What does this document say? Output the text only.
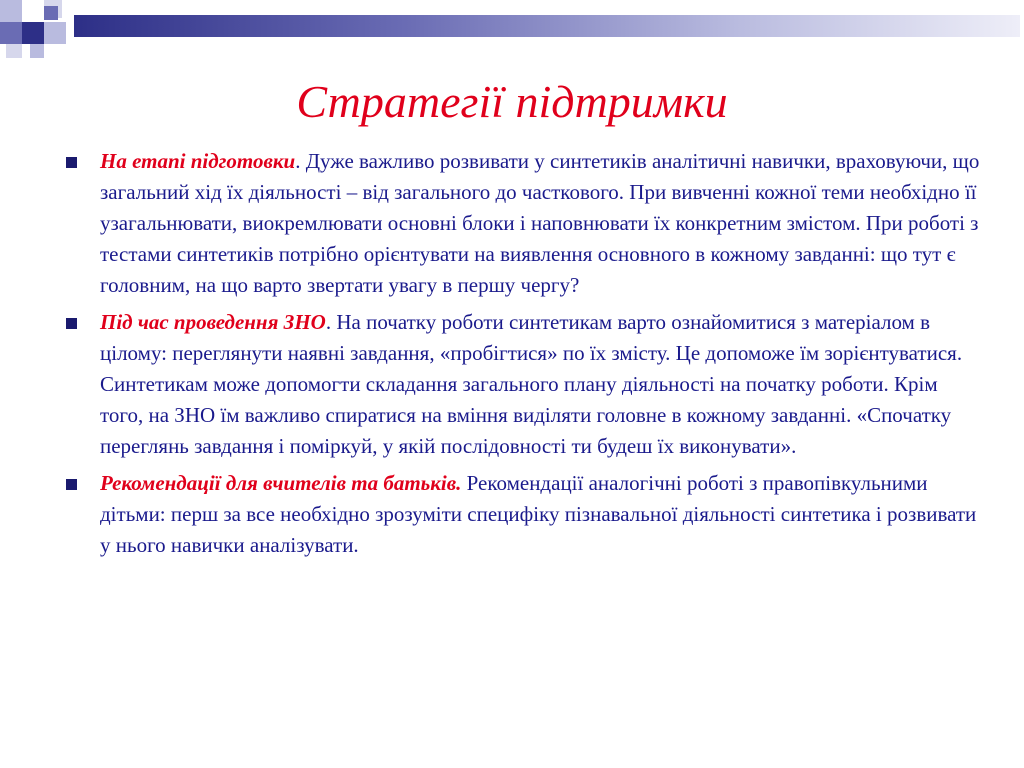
Стратегії підтримки
На етапі підготовки. Дуже важливо розвивати у синтетиків аналітичні навички, враховуючи, що загальний хід їх діяльності – від загального до часткового. При вивченні кожної теми необхідно її узагальнювати, виокремлювати основні блоки і наповнювати їх конкретним змістом. При роботі з тестами синтетиків потрібно орієнтувати на виявлення основного в кожному завданні: що тут є головним, на що варто звертати увагу в першу чергу?
Під час проведення ЗНО. На початку роботи синтетикам варто ознайомитися з матеріалом в цілому: переглянути наявні завдання, «пробігтися» по їх змісту. Це допоможе їм зорієнтуватися. Синтетикам може допомогти складання загального плану діяльності на початку роботи. Крім того, на ЗНО їм важливо спиратися на вміння виділяти головне в кожному завданні. «Спочатку переглянь завдання і поміркуй, у якій послідовності ти будеш їх виконувати».
Рекомендації для вчителів та батьків. Рекомендації аналогічні роботі з правопівкульними дітьми: перш за все необхідно зрозуміти специфіку пізнавальної діяльності синтетика і розвивати у нього навички аналізувати.
